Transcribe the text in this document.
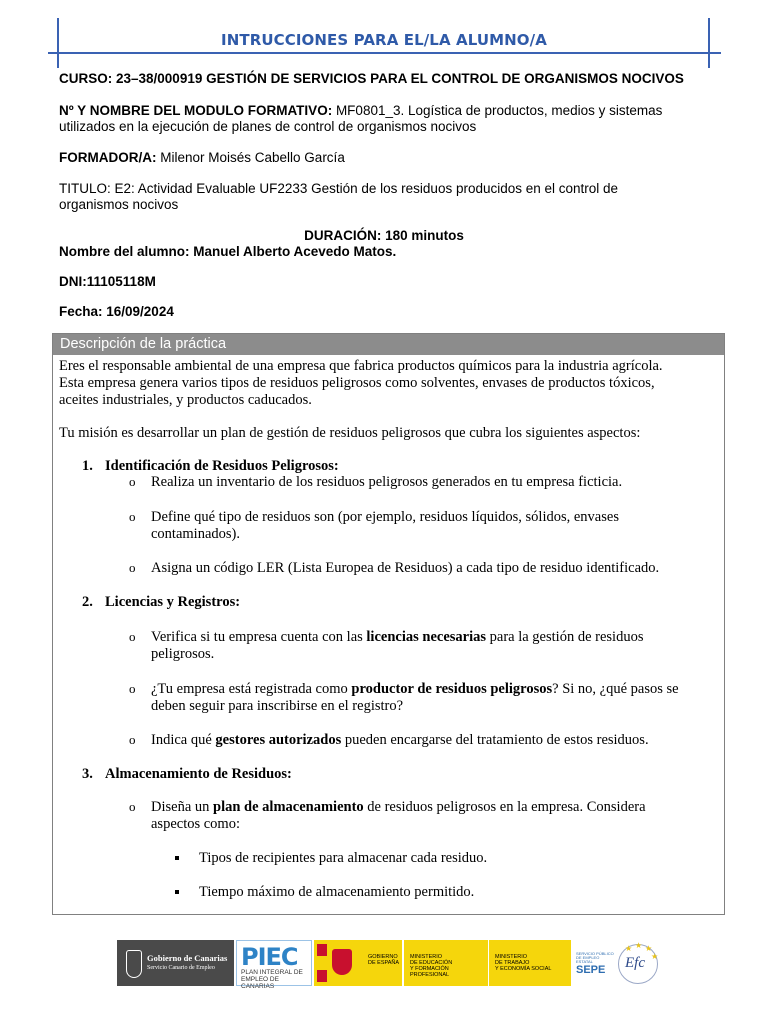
INTRUCCIONES PARA EL/LA ALUMNO/A
CURSO: 23–38/000919 GESTIÓN DE SERVICIOS PARA EL CONTROL DE ORGANISMOS NOCIVOS
Nº Y NOMBRE DEL MODULO FORMATIVO: MF0801_3. Logística de productos, medios y sistemas
utilizados en la ejecución de planes de control de organismos nocivos
FORMADOR/A: Milenor Moisés Cabello García
TITULO: E2: Actividad Evaluable UF2233 Gestión de los residuos producidos en el control de
organismos nocivos
DURACIÓN: 180 minutos
Nombre del alumno: Manuel Alberto Acevedo Matos.
DNI:11105118M
Fecha: 16/09/2024
Descripción de la práctica
Eres el responsable ambiental de una empresa que fabrica productos químicos para la industria agrícola.
Esta empresa genera varios tipos de residuos peligrosos como solventes, envases de productos tóxicos,
aceites industriales, y productos caducados.
Tu misión es desarrollar un plan de gestión de residuos peligrosos que cubra los siguientes aspectos:
1. Identificación de Residuos Peligrosos:
o Realiza un inventario de los residuos peligrosos generados en tu empresa ficticia.
o Define qué tipo de residuos son (por ejemplo, residuos líquidos, sólidos, envases
contaminados).
o Asigna un código LER (Lista Europea de Residuos) a cada tipo de residuo identificado.
2. Licencias y Registros:
o Verifica si tu empresa cuenta con las licencias necesarias para la gestión de residuos
peligrosos.
o ¿Tu empresa está registrada como productor de residuos peligrosos? Si no, ¿qué pasos se
deben seguir para inscribirse en el registro?
o Indica qué gestores autorizados pueden encargarse del tratamiento de estos residuos.
3. Almacenamiento de Residuos:
o Diseña un plan de almacenamiento de residuos peligrosos en la empresa. Considera
aspectos como:
Tipos de recipientes para almacenar cada residuo.
Tiempo máximo de almacenamiento permitido.
Gobierno de Canarias
Servicio Canario de Empleo PIEC
PLAN INTEGRAL DE
EMPLEO DE CANARIAS
GOBIERNO
DE ESPAÑA
MINISTERIO
DE EDUCACIÓN
Y FORMACIÓN PROFESIONAL
MINISTERIO
DE TRABAJO
Y ECONOMÍA SOCIAL
SERVICIO PÚBLICO DE EMPLEO ESTATAL
SEPE Efc
★ ★
★
★
